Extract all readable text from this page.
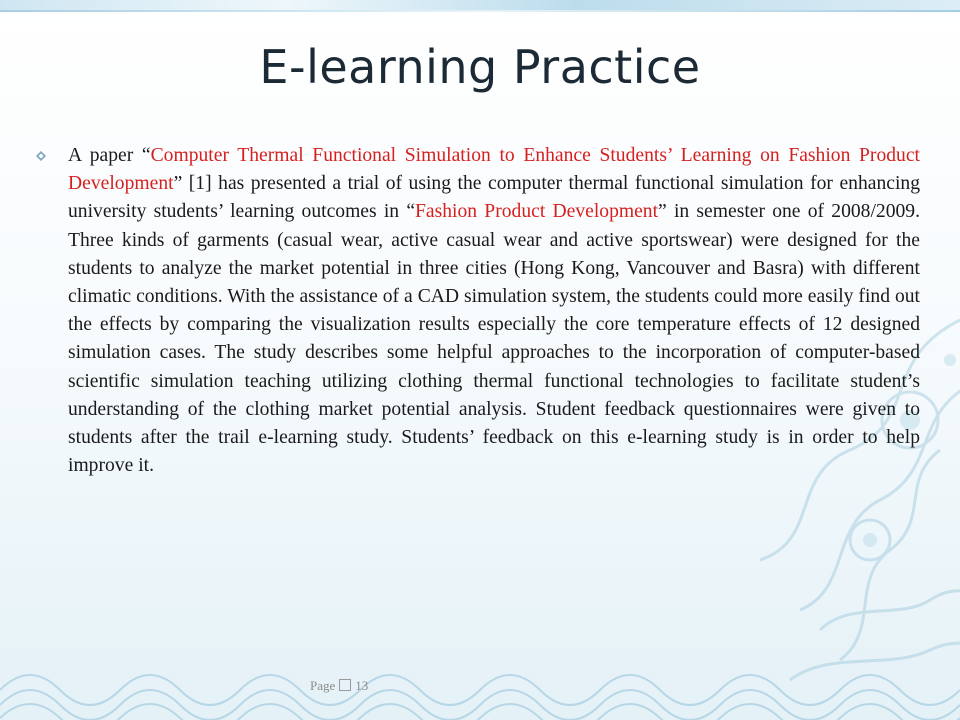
E-learning Practice

A paper “Computer Thermal Functional Simulation to Enhance Students’ Learning on Fashion Product Development” [1] has presented a trial of using the computer thermal functional simulation for enhancing university students’ learning outcomes in “Fashion Product Development” in semester one of 2008/2009. Three kinds of garments (casual wear, active casual wear and active sportswear) were designed for the students to analyze the market potential in three cities (Hong Kong, Vancouver and Basra) with different climatic conditions. With the assistance of a CAD simulation system, the students could more easily find out the effects by comparing the visualization results especially the core temperature effects of 12 designed simulation cases. The study describes some helpful approaches to the incorporation of computer-based scientific simulation teaching utilizing clothing thermal functional technologies to facilitate student’s understanding of the clothing market potential analysis. Student feedback questionnaires were given to students after the trail e-learning study. Students’ feedback on this e-learning study is in order to help improve it.

Page 13
